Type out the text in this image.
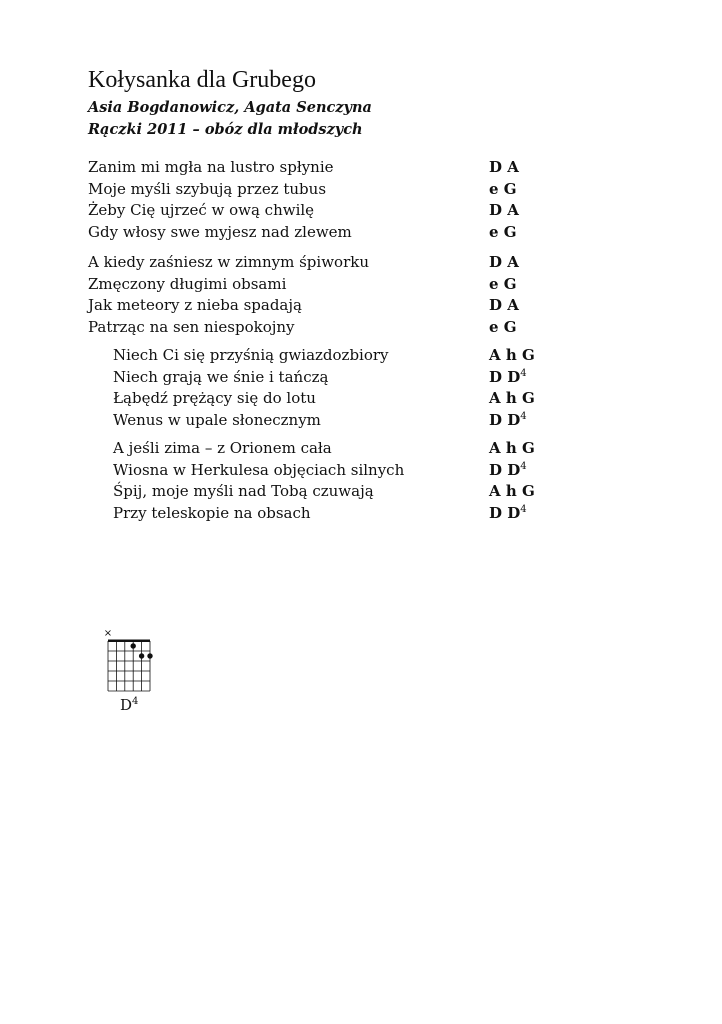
Kołysanka dla Grubego

Asia Bogdanowicz, Agata Senczyna

Rączki 2011 – obóz dla młodszych

Zanim mi mgła na lustro spłynie	D A
Moje myśli szybują przez tubus	e G
Żeby Cię ujrzeć w ową chwilę	D A
Gdy włosy swe myjesz nad zlewem	e G
A kiedy zaśniesz w zimnym śpiworku	D A
Zmęczony długimi obsami	e G
Jak meteory z nieba spadają	D A
Patrząc na sen niespokojny	e G
Niech Ci się przyśnią gwiazdozbiory	A h G
Niech grają we śnie i tańczą	D $D^4$
Łąbędź prężący się do lotu	A h G
Wenus w upale słonecznym	D $D^4$
A jeśli zima – z Orionem cała	A h G
Wiosna w Herkulesa objęciach silnych	D $D^4$
Śpij, moje myśli nad Tobą czuwają	A h G
Przy teleskopie na obsach	D $D^4$
×
$D^4$
